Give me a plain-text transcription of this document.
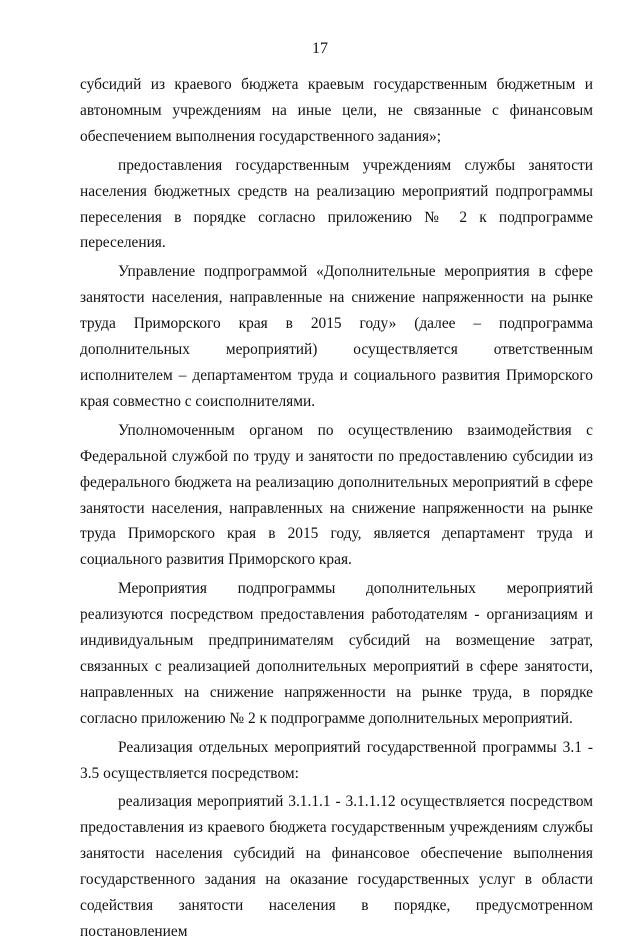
17

субсидий из краевого бюджета краевым государственным бюджетным и автономным учреждениям на иные цели, не связанные с финансовым обеспечением выполнения государственного задания»;

предоставления государственным учреждениям службы занятости населения бюджетных средств на реализацию мероприятий подпрограммы переселения в порядке согласно приложению № 2 к подпрограмме переселения.

Управление подпрограммой «Дополнительные мероприятия в сфере занятости населения, направленные на снижение напряженности на рынке труда Приморского края в 2015 году» (далее – подпрограмма дополнительных мероприятий) осуществляется ответственным исполнителем – департаментом труда и социального развития Приморского края совместно с соисполнителями.

Уполномоченным органом по осуществлению взаимодействия с Федеральной службой по труду и занятости по предоставлению субсидии из федерального бюджета на реализацию дополнительных мероприятий в сфере занятости населения, направленных на снижение напряженности на рынке труда Приморского края в 2015 году, является департамент труда и социального развития Приморского края.

Мероприятия подпрограммы дополнительных мероприятий реализуются посредством предоставления работодателям - организациям и индивидуальным предпринимателям субсидий на возмещение затрат, связанных с реализацией дополнительных мероприятий в сфере занятости, направленных на снижение напряженности на рынке труда, в порядке согласно приложению № 2 к подпрограмме дополнительных мероприятий.

Реализация отдельных мероприятий государственной программы 3.1 - 3.5 осуществляется посредством:

реализация мероприятий 3.1.1.1 - 3.1.1.12 осуществляется посредством предоставления из краевого бюджета государственным учреждениям службы занятости населения субсидий на финансовое обеспечение выполнения государственного задания на оказание государственных услуг в области содействия занятости населения в порядке, предусмотренном постановлением
